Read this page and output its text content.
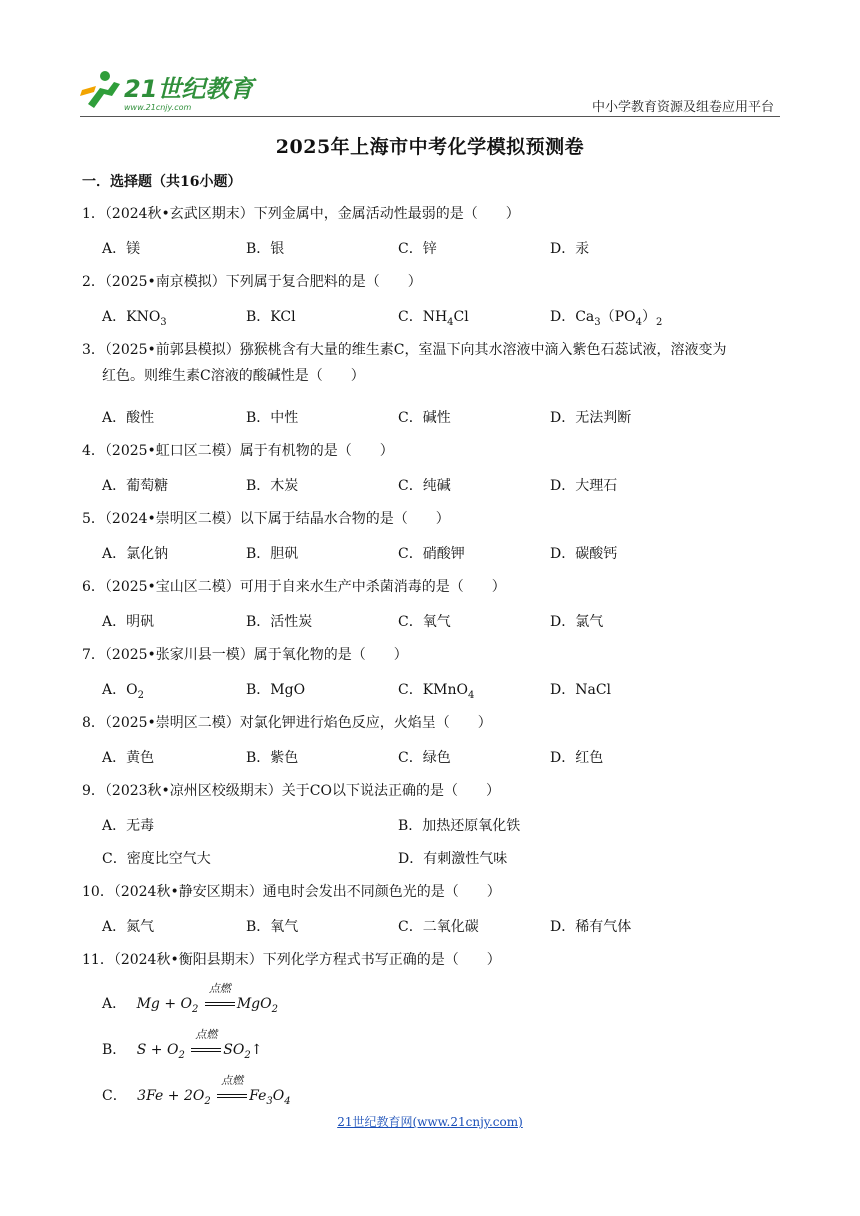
21世纪教育
www.21cnjy.com	中小学教育资源及组卷应用平台
2025年上海市中考化学模拟预测卷
一．选择题（共16小题）
1．（2024秋•玄武区期末）下列金属中，金属活动性最弱的是（　　）
A．镁	B．银	C．锌	D．汞
2．（2025•南京模拟）下列属于复合肥料的是（　　）
A．$KNO_3$	B．KCl	C．$NH_4Cl$	D．$Ca_3(PO_4)_2$
3．（2025•前郭县模拟）猕猴桃含有大量的维生素C，室温下向其水溶液中滴入紫色石蕊试液，溶液变为
红色。则维生素C溶液的酸碱性是（　　）
A．酸性	B．中性	C．碱性	D．无法判断
4．（2025•虹口区二模）属于有机物的是（　　）
A．葡萄糖	B．木炭	C．纯碱	D．大理石
5．（2024•崇明区二模）以下属于结晶水合物的是（　　）
A．氯化钠	B．胆矾	C．硝酸钾	D．碳酸钙
6．（2025•宝山区二模）可用于自来水生产中杀菌消毒的是（　　）
A．明矾	B．活性炭	C．氧气	D．氯气
7．（2025•张家川县一模）属于氧化物的是（　　）
A．$O_2$	B．MgO	C．KMnO$_4$	D．NaCl
8．（2025•崇明区二模）对氯化钾进行焰色反应，火焰呈（　　）
A．黄色	B．紫色	C．绿色	D．红色
9．（2023秋•凉州区校级期末）关于CO以下说法正确的是（　　）
A．无毒	B．加热还原氧化铁
C．密度比空气大	D．有刺激性气味
10．（2024秋•静安区期末）通电时会发出不同颜色光的是（　　）
A．氮气	B．氧气	C．二氧化碳	D．稀有气体
11．（2024秋•衡阳县期末）下列化学方程式书写正确的是（　　）
A． $Mg + O_2$
点燃
MgO$_2$
B． $S + O_2$
点燃
$SO_2↑$
C． $3Fe + 2O_2$
点燃
$Fe_3O_4$
21世纪教育网(www.21cnjy.com)
